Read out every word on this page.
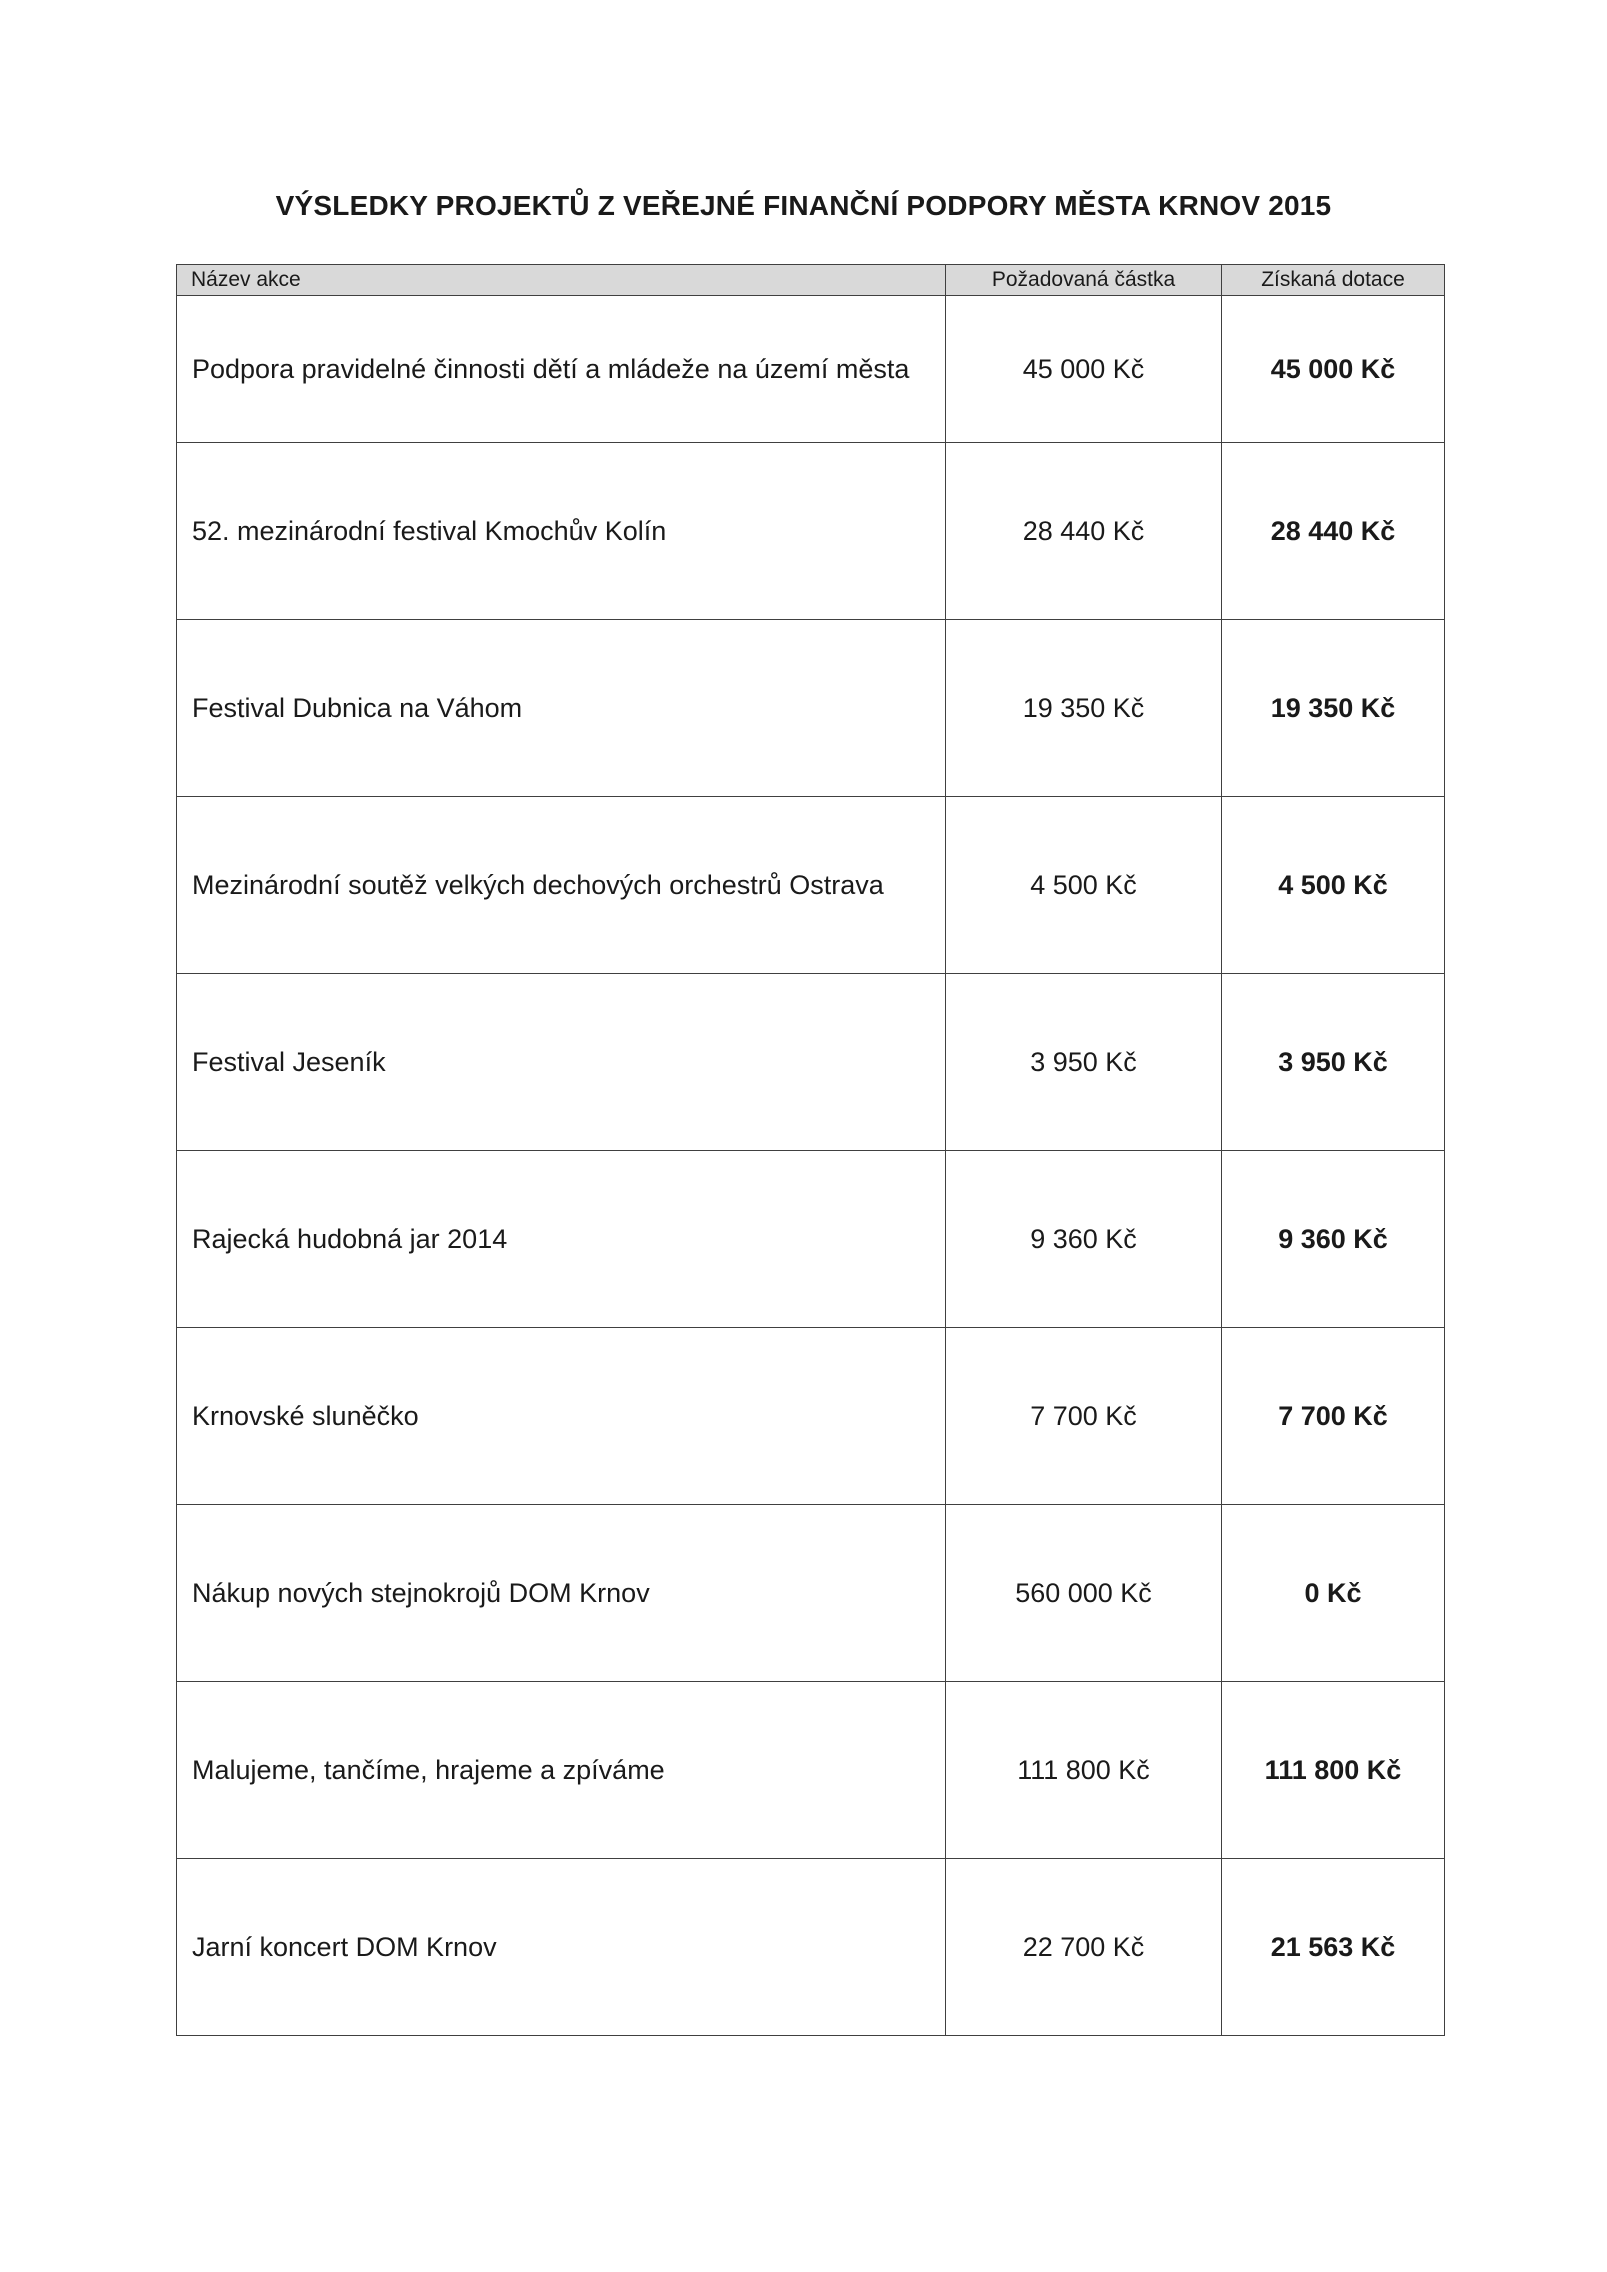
VÝSLEDKY PROJEKTŮ Z VEŘEJNÉ FINANČNÍ PODPORY MĚSTA KRNOV 2015
Název akce	Požadovaná částka	Získaná dotace
Podpora pravidelné činnosti dětí a mládeže na území města	45 000 Kč	45 000 Kč
52. mezinárodní festival Kmochův Kolín	28 440 Kč	28 440 Kč
Festival Dubnica na Váhom	19 350 Kč	19 350 Kč
Mezinárodní soutěž velkých dechových orchestrů Ostrava	4 500 Kč	4 500 Kč
Festival Jeseník	3 950 Kč	3 950 Kč
Rajecká hudobná jar 2014	9 360 Kč	9 360 Kč
Krnovské sluněčko	7 700 Kč	7 700 Kč
Nákup nových stejnokrojů DOM Krnov	560 000 Kč	0 Kč
Malujeme, tančíme, hrajeme a zpíváme	111 800 Kč	111 800 Kč
Jarní koncert DOM Krnov	22 700 Kč	21 563 Kč
